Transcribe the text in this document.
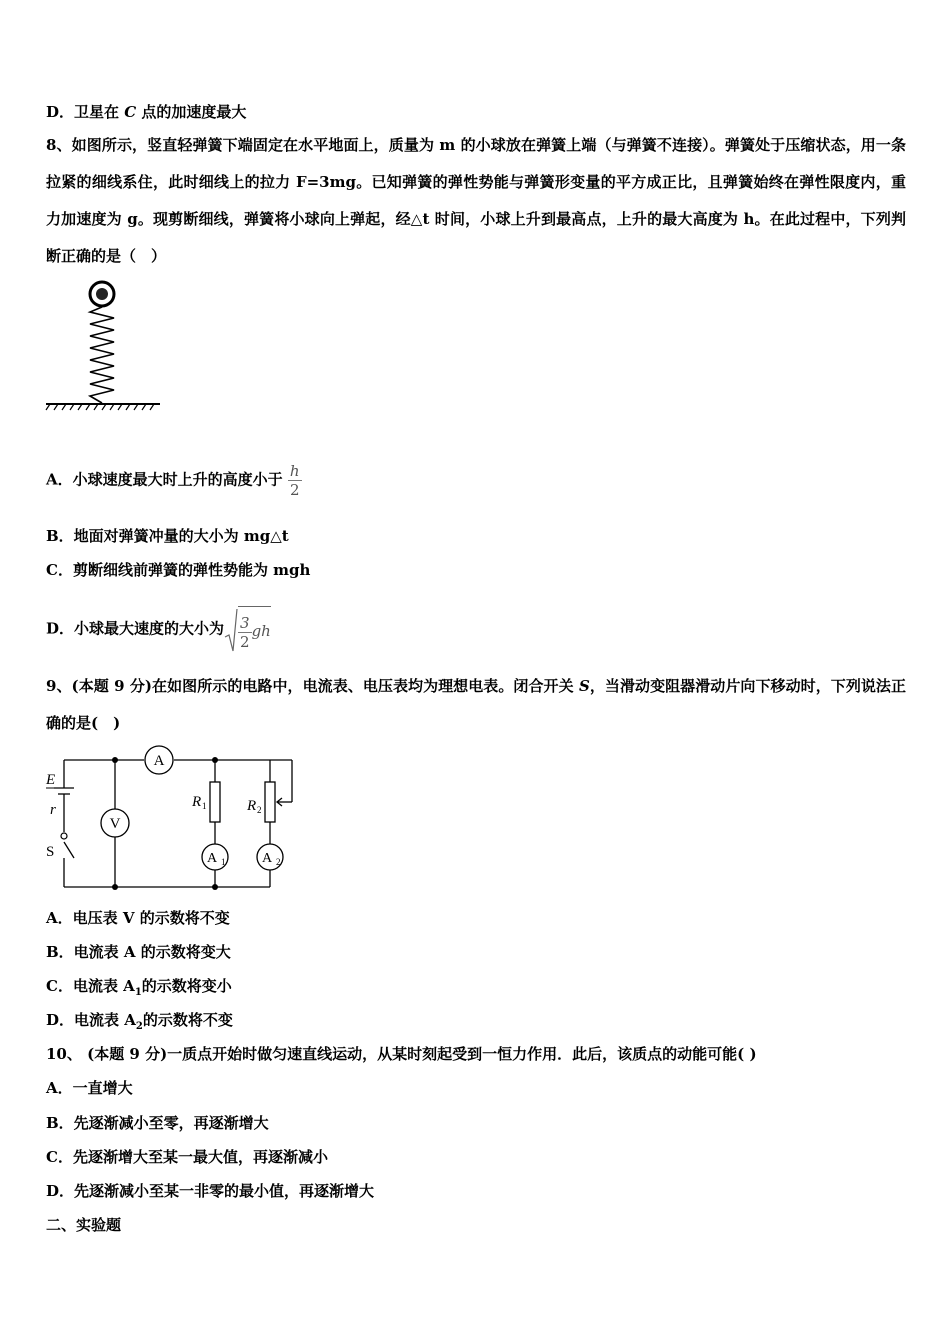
D．卫星在 C 点的加速度最大
8、如图所示，竖直轻弹簧下端固定在水平地面上，质量为 m 的小球放在弹簧上端（与弹簧不连接）。弹簧处于压缩状态，用一条拉紧的细线系住，此时细线上的拉力 F=3mg。已知弹簧的弹性势能与弹簧形变量的平方成正比，且弹簧始终在弹性限度内，重力加速度为 g。现剪断细线，弹簧将小球向上弹起，经△t 时间，小球上升到最高点，上升的最大高度为 h。在此过程中，下列判断正确的是（　）
A．小球速度最大时上升的高度小于 $\frac{h}{2}$
B．地面对弹簧冲量的大小为 mg△t
C．剪断细线前弹簧的弹性势能为 mgh
D．小球最大速度的大小为 $\frac{3}{2}$ gh
9、(本题 9 分)在如图所示的电路中，电流表、电压表均为理想电表。闭合开关 S，当滑动变阻器滑动片向下移动时，下列说法正确的是(　)
A
V
A 1	A 2
E
r
S
R 1	R 2
A．电压表 V 的示数将不变
B．电流表 A 的示数将变大
C．电流表 $A_1$的示数将变小
D．电流表 $A_2$的示数将不变
10、 (本题 9 分)一质点开始时做匀速直线运动，从某时刻起受到一恒力作用．此后，该质点的动能可能( )
A．一直增大
B．先逐渐减小至零，再逐渐增大
C．先逐渐增大至某一最大值，再逐渐减小
D．先逐渐减小至某一非零的最小值，再逐渐增大
二、实验题
